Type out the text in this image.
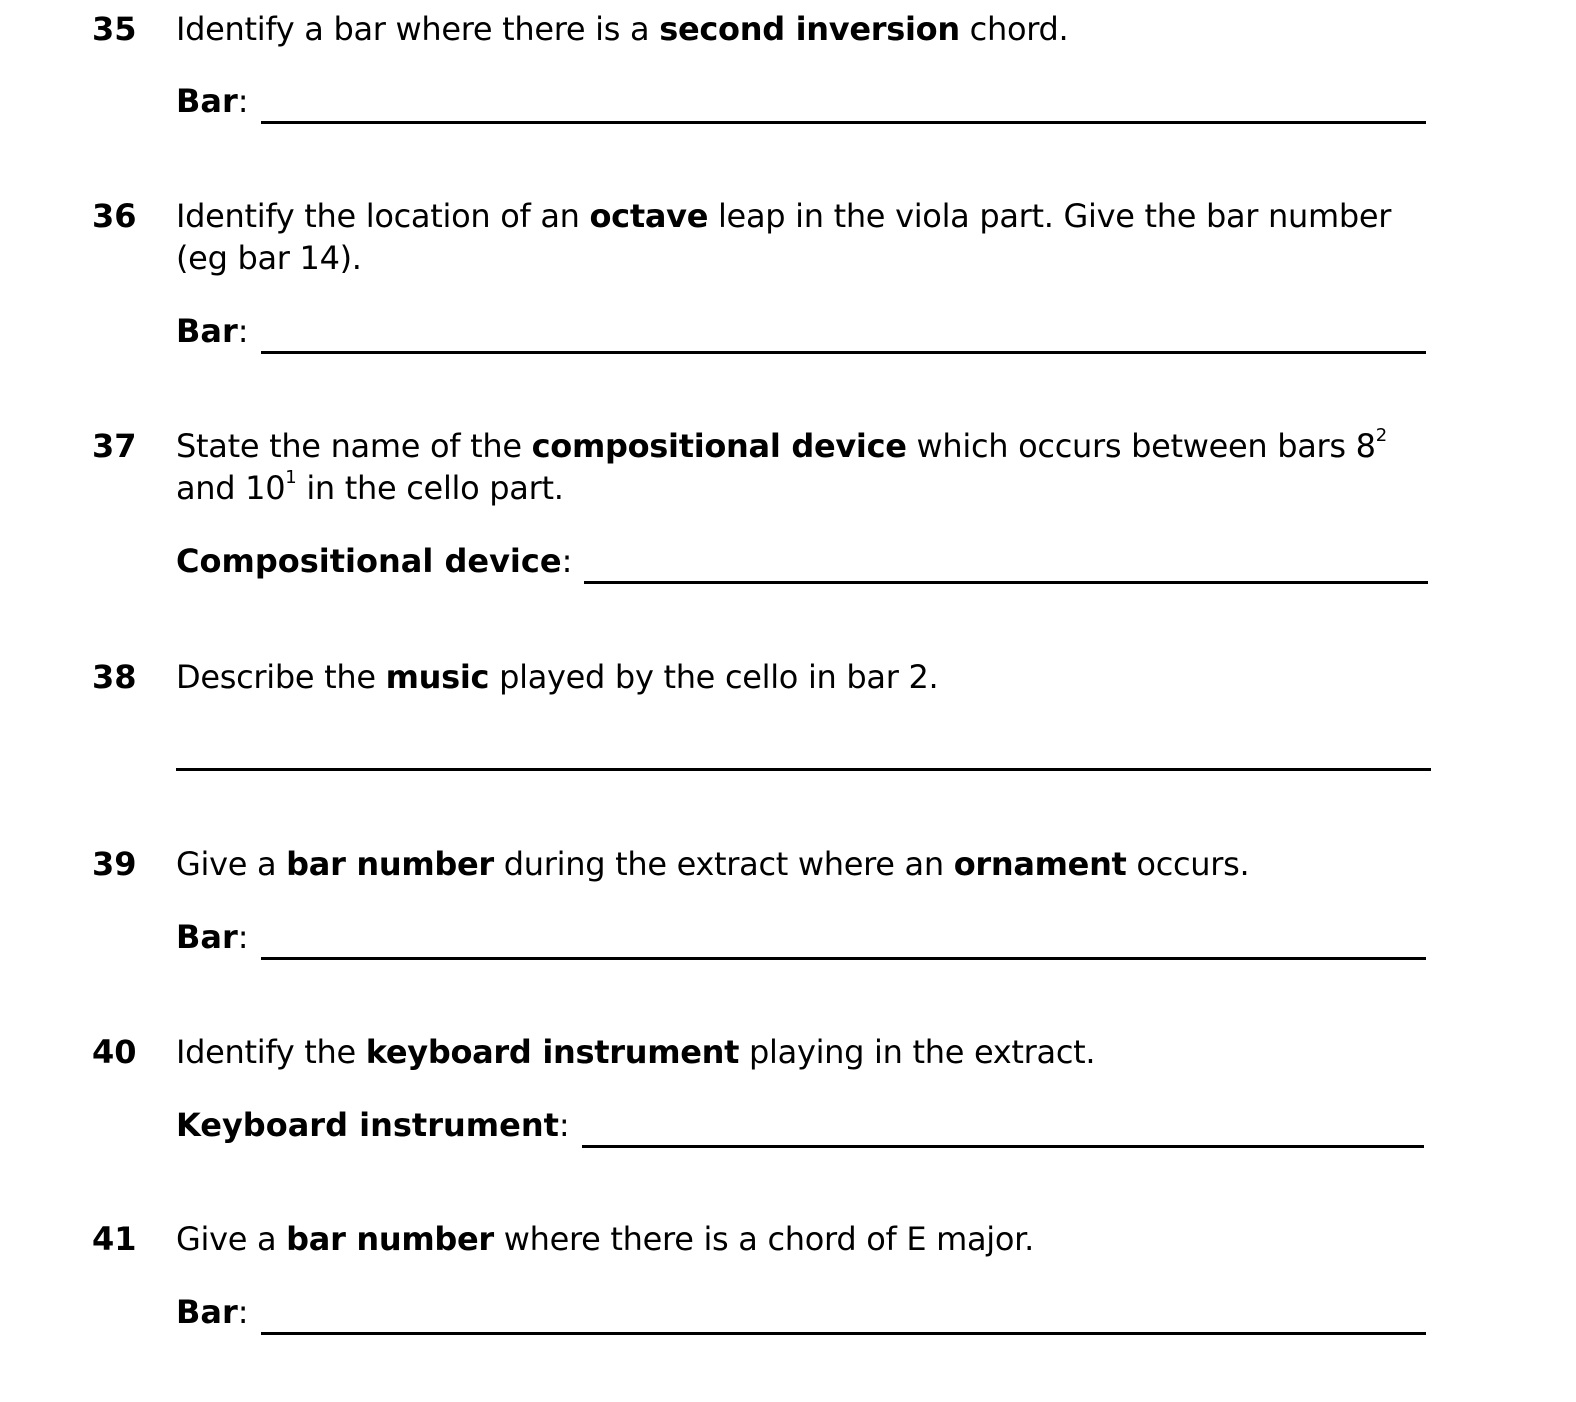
35 Identify a bar where there is a second inversion chord.
Bar :
36 Identify the location of an octave leap in the viola part. Give the bar number (eg bar 14).
Bar :
37 State the name of the compositional device which occurs between bars $8^2$ and $10^1$ in the cello part.
Compositional device :
38 Describe the music played by the cello in bar 2.
39 Give a bar number during the extract where an ornament occurs.
Bar :
40 Identify the keyboard instrument playing in the extract.
Keyboard instrument :
41 Give a bar number where there is a chord of E major.
Bar :
